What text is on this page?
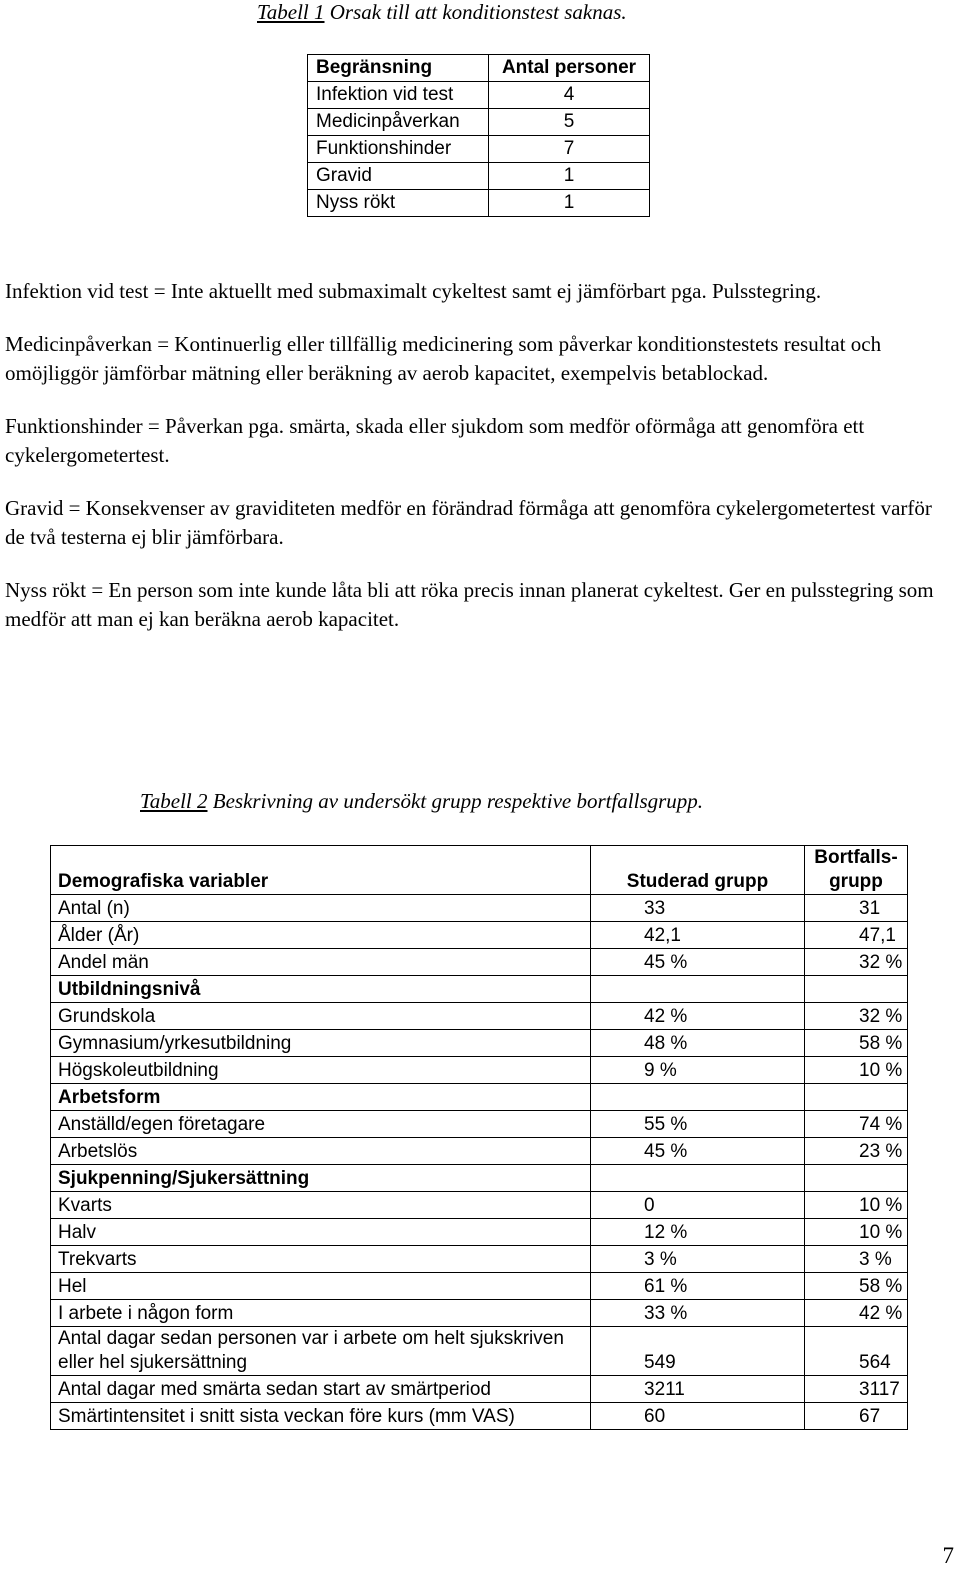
Tabell 1 Orsak till att konditionstest saknas.
Begränsning	Antal personer
Infektion vid test	4
Medicinpåverkan	5
Funktionshinder	7
Gravid	1
Nyss rökt	1

Infektion vid test = Inte aktuellt med submaximalt cykeltest samt ej jämförbart pga. Pulsstegring.

Medicinpåverkan = Kontinuerlig eller tillfällig medicinering som påverkar konditionstestets resultat och omöjliggör jämförbar mätning eller beräkning av aerob kapacitet, exempelvis betablockad.

Funktionshinder = Påverkan pga. smärta, skada eller sjukdom som medför oförmåga att genomföra ett cykelergometertest.

Gravid = Konsekvenser av graviditeten medför en förändrad förmåga att genomföra cykelergometertest varför de två testerna ej blir jämförbara.

Nyss rökt = En person som inte kunde låta bli att röka precis innan planerat cykeltest. Ger en pulsstegring som medför att man ej kan beräkna aerob kapacitet.

Tabell 2 Beskrivning av undersökt grupp respektive bortfallsgrupp.
Demografiska variabler	Studerad grupp	Bortfalls-grupp
Antal (n)	33	31
Ålder (År)	42,1	47,1
Andel män	45 %	32 %
Utbildningsnivå		
Grundskola	42 %	32 %
Gymnasium/yrkesutbildning	48 %	58 %
Högskoleutbildning	9 %	10 %
Arbetsform		
Anställd/egen företagare	55 %	74 %
Arbetslös	45 %	23 %
Sjukpenning/Sjukersättning		
Kvarts	0	10 %
Halv	12 %	10 %
Trekvarts	3 %	3 %
Hel	61 %	58 %
I arbete i någon form	33 %	42 %
Antal dagar sedan personen var i arbete om helt sjukskriven eller hel sjukersättning	549	564
Antal dagar med smärta sedan start av smärtperiod	3211	3117
Smärtintensitet i snitt sista veckan före kurs (mm VAS)	60	67
7
